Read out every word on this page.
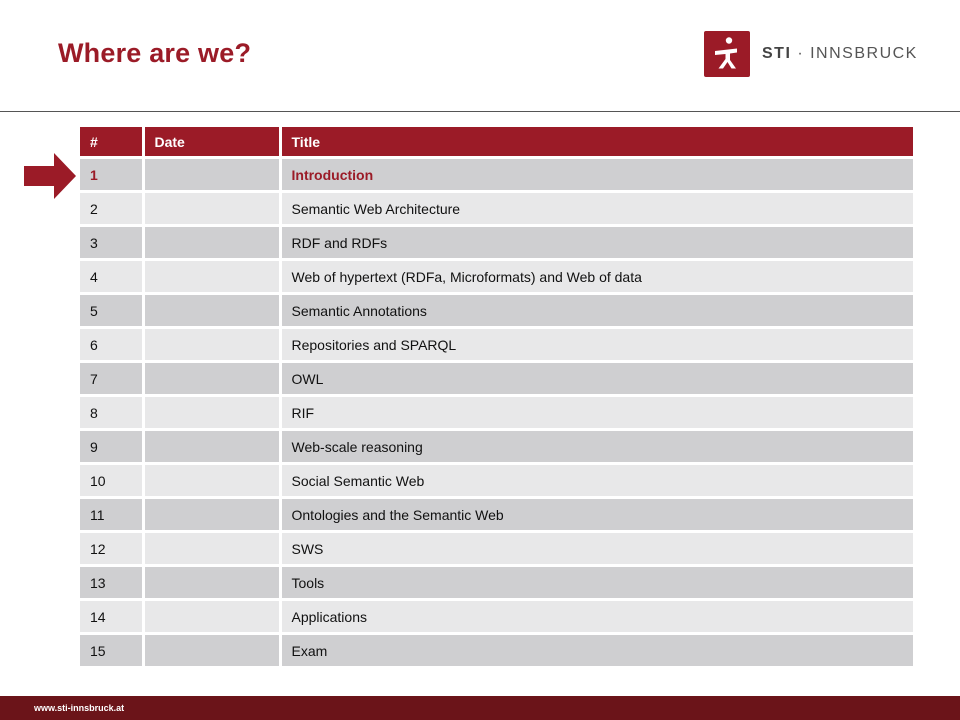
Where are we?	STI · INNSBRUCK
#	Date	Title
1		Introduction
2		Semantic Web Architecture
3		RDF and RDFs
4		Web of hypertext (RDFa, Microformats) and Web of data
5		Semantic Annotations
6		Repositories and SPARQL
7		OWL
8		RIF
9		Web-scale reasoning
10		Social Semantic Web
11		Ontologies and the Semantic Web
12		SWS
13		Tools
14		Applications
15		Exam
www.sti-innsbruck.at
